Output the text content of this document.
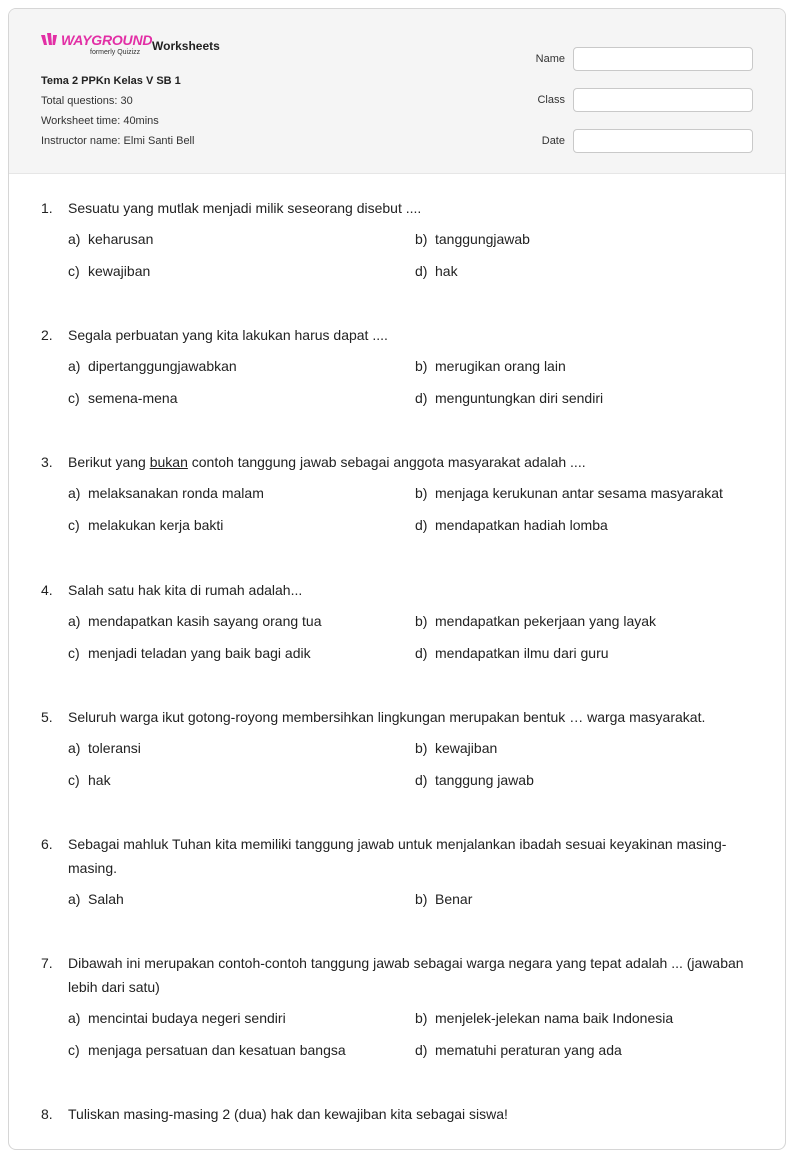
WAYGROUND
formerly Quizizz Worksheets
Tema 2 PPKn Kelas V SB 1
Total questions: 30
Worksheet time: 40mins
Instructor name: Elmi Santi Bell
Name
Class
Date
1. Sesuatu yang mutlak menjadi milik seseorang disebut ....
a) keharusan	b) tanggungjawab
c) kewajiban	d) hak
2. Segala perbuatan yang kita lakukan harus dapat ....
a) dipertanggungjawabkan	b) merugikan orang lain
c) semena-mena	d) menguntungkan diri sendiri
3. Berikut yang bukan contoh tanggung jawab sebagai anggota masyarakat adalah ....
a) melaksanakan ronda malam	b) menjaga kerukunan antar sesama masyarakat
c) melakukan kerja bakti	d) mendapatkan hadiah lomba
4. Salah satu hak kita di rumah adalah...
a) mendapatkan kasih sayang orang tua	b) mendapatkan pekerjaan yang layak
c) menjadi teladan yang baik bagi adik	d) mendapatkan ilmu dari guru
5. Seluruh warga ikut gotong-royong membersihkan lingkungan merupakan bentuk … warga masyarakat.
a) toleransi	b) kewajiban
c) hak	d) tanggung jawab
6. Sebagai mahluk Tuhan kita memiliki tanggung jawab untuk menjalankan ibadah sesuai keyakinan masing-masing.
a) Salah	b) Benar
7. Dibawah ini merupakan contoh-contoh tanggung jawab sebagai warga negara yang tepat adalah ... (jawaban lebih dari satu)
a) mencintai budaya negeri sendiri	b) menjelek-jelekan nama baik Indonesia
c) menjaga persatuan dan kesatuan bangsa	d) mematuhi peraturan yang ada
8. Tuliskan masing-masing 2 (dua) hak dan kewajiban kita sebagai siswa!
